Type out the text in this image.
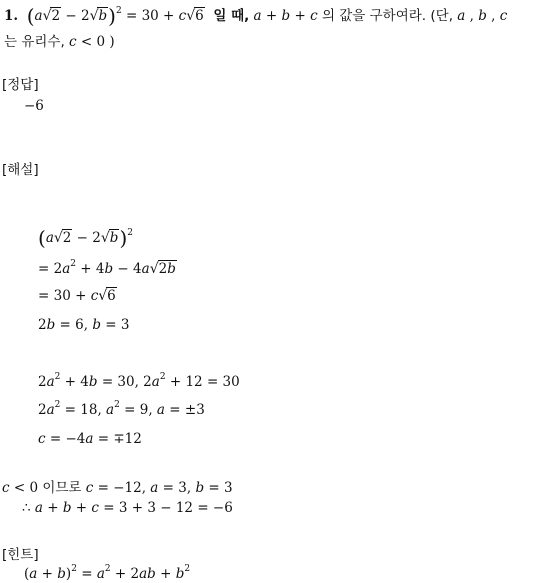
1. $(a√2 - 2√b)^2 = 30 + c√6$ 일 때, a + b + c 의 값을 구하여라. (단, a , b , c
는 유리수, c < 0 )
[정답]
−6
[해설]
$(a√2 - 2√b)^2$
= $2a^2 + 4b - 4a√2b$
= 30 + c√6
2b = 6, b = 3
$2a^2 + 4b = 30$, $2a^2 + 12 = 30$
$2a^2 = 18$, $a^2 = 9$, a = ±3
c = −4a = ∓12
c < 0 이므로 c = −12, a = 3, b = 3
∴ a + b + c = 3 + 3 − 12 = −6
[힌트]
$(a + b)^2 = a^2 + 2ab + b^2$
